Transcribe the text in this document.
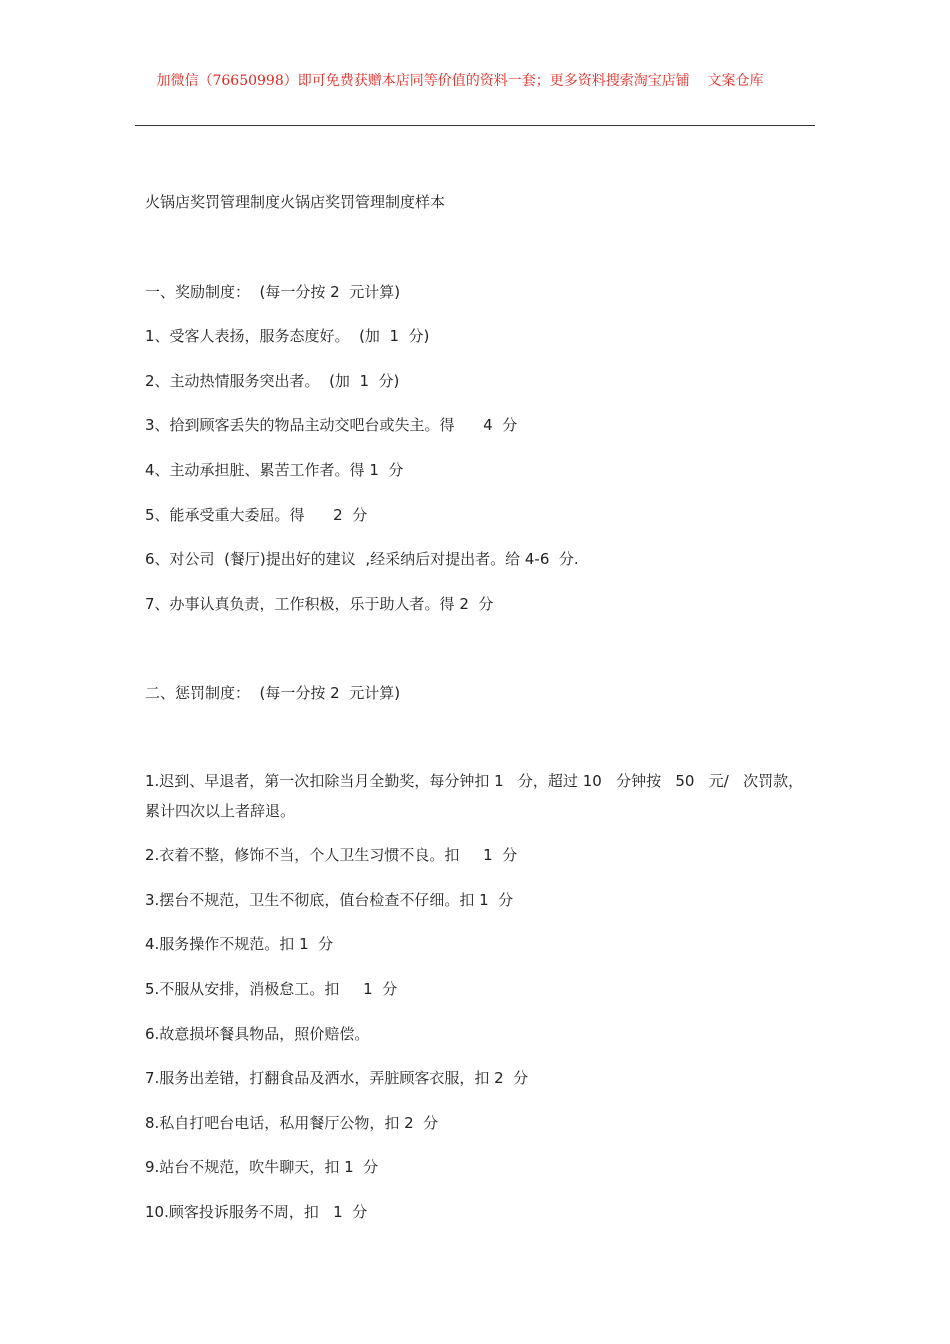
加微信（76650998）即可免费获赠本店同等价值的资料一套；更多资料搜索淘宝店铺    文案仓库
火锅店奖罚管理制度火锅店奖罚管理制度样本
一、奖励制度：  (每一分按 2  元计算)
1、受客人表扬，服务态度好。  (加  1  分)
2、主动热情服务突出者。  (加  1  分)
3、拾到顾客丢失的物品主动交吧台或失主。得      4  分
4、主动承担脏、累苦工作者。得 1  分
5、能承受重大委屈。得      2  分
6、对公司  (餐厅)提出好的建议  ,经采纳后对提出者。给 4-6  分.
7、办事认真负责，工作积极，乐于助人者。得 2  分
二、惩罚制度：  (每一分按 2  元计算)
1.迟到、早退者，第一次扣除当月全勤奖，每分钟扣 1   分，超过 10   分钟按   50   元/   次罚款，累计四次以上者辞退。
2.衣着不整，修饰不当，个人卫生习惯不良。扣     1  分
3.摆台不规范，卫生不彻底，值台检查不仔细。扣 1  分
4.服务操作不规范。扣 1  分
5.不服从安排，消极怠工。扣     1  分
6.故意损坏餐具物品，照价赔偿。
7.服务出差错，打翻食品及洒水，弄脏顾客衣服，扣 2  分
8.私自打吧台电话，私用餐厅公物，扣 2  分
9.站台不规范，吹牛聊天，扣 1  分
10.顾客投诉服务不周，扣   1  分
